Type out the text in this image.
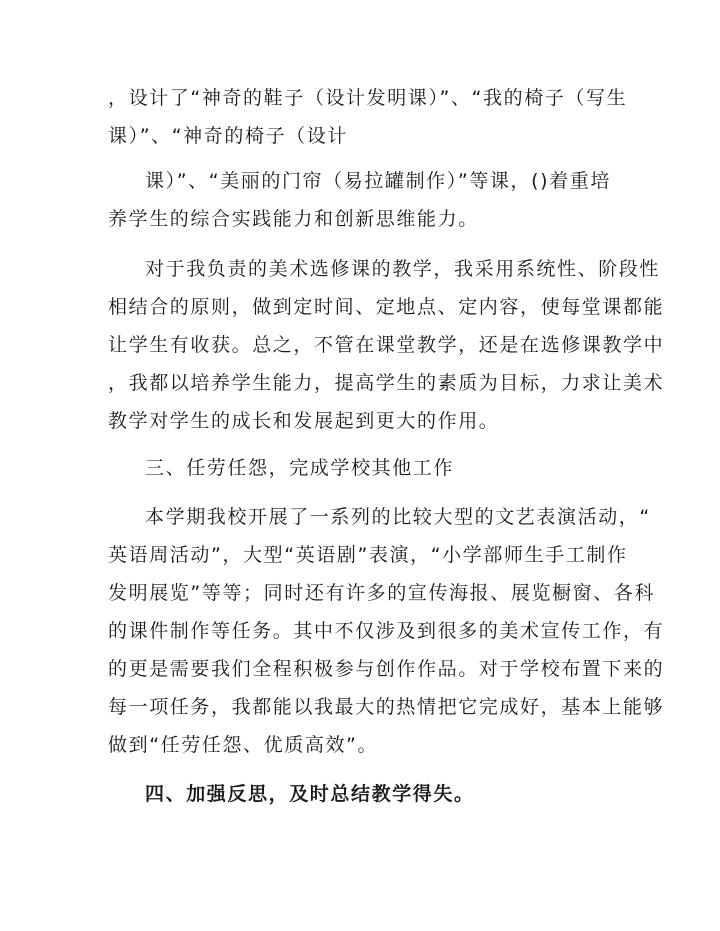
，设计了“神奇的鞋子（设计发明课）”、“我的椅子（写生
课）”、“神奇的椅子（设计
课）”、“美丽的门帘（易拉罐制作）”等课，()着重培
养学生的综合实践能力和创新思维能力。
对于我负责的美术选修课的教学，我采用系统性、阶段性
相结合的原则，做到定时间、定地点、定内容，使每堂课都能
让学生有收获。总之，不管在课堂教学，还是在选修课教学中
，我都以培养学生能力，提高学生的素质为目标，力求让美术
教学对学生的成长和发展起到更大的作用。
三、任劳任怨，完成学校其他工作
本学期我校开展了一系列的比较大型的文艺表演活动，“
英语周活动”，大型“英语剧”表演，“小学部师生手工制作
发明展览”等等；同时还有许多的宣传海报、展览橱窗、各科
的课件制作等任务。其中不仅涉及到很多的美术宣传工作，有
的更是需要我们全程积极参与创作作品。对于学校布置下来的
每一项任务，我都能以我最大的热情把它完成好，基本上能够
做到“任劳任怨、优质高效”。
四、加强反思，及时总结教学得失。
